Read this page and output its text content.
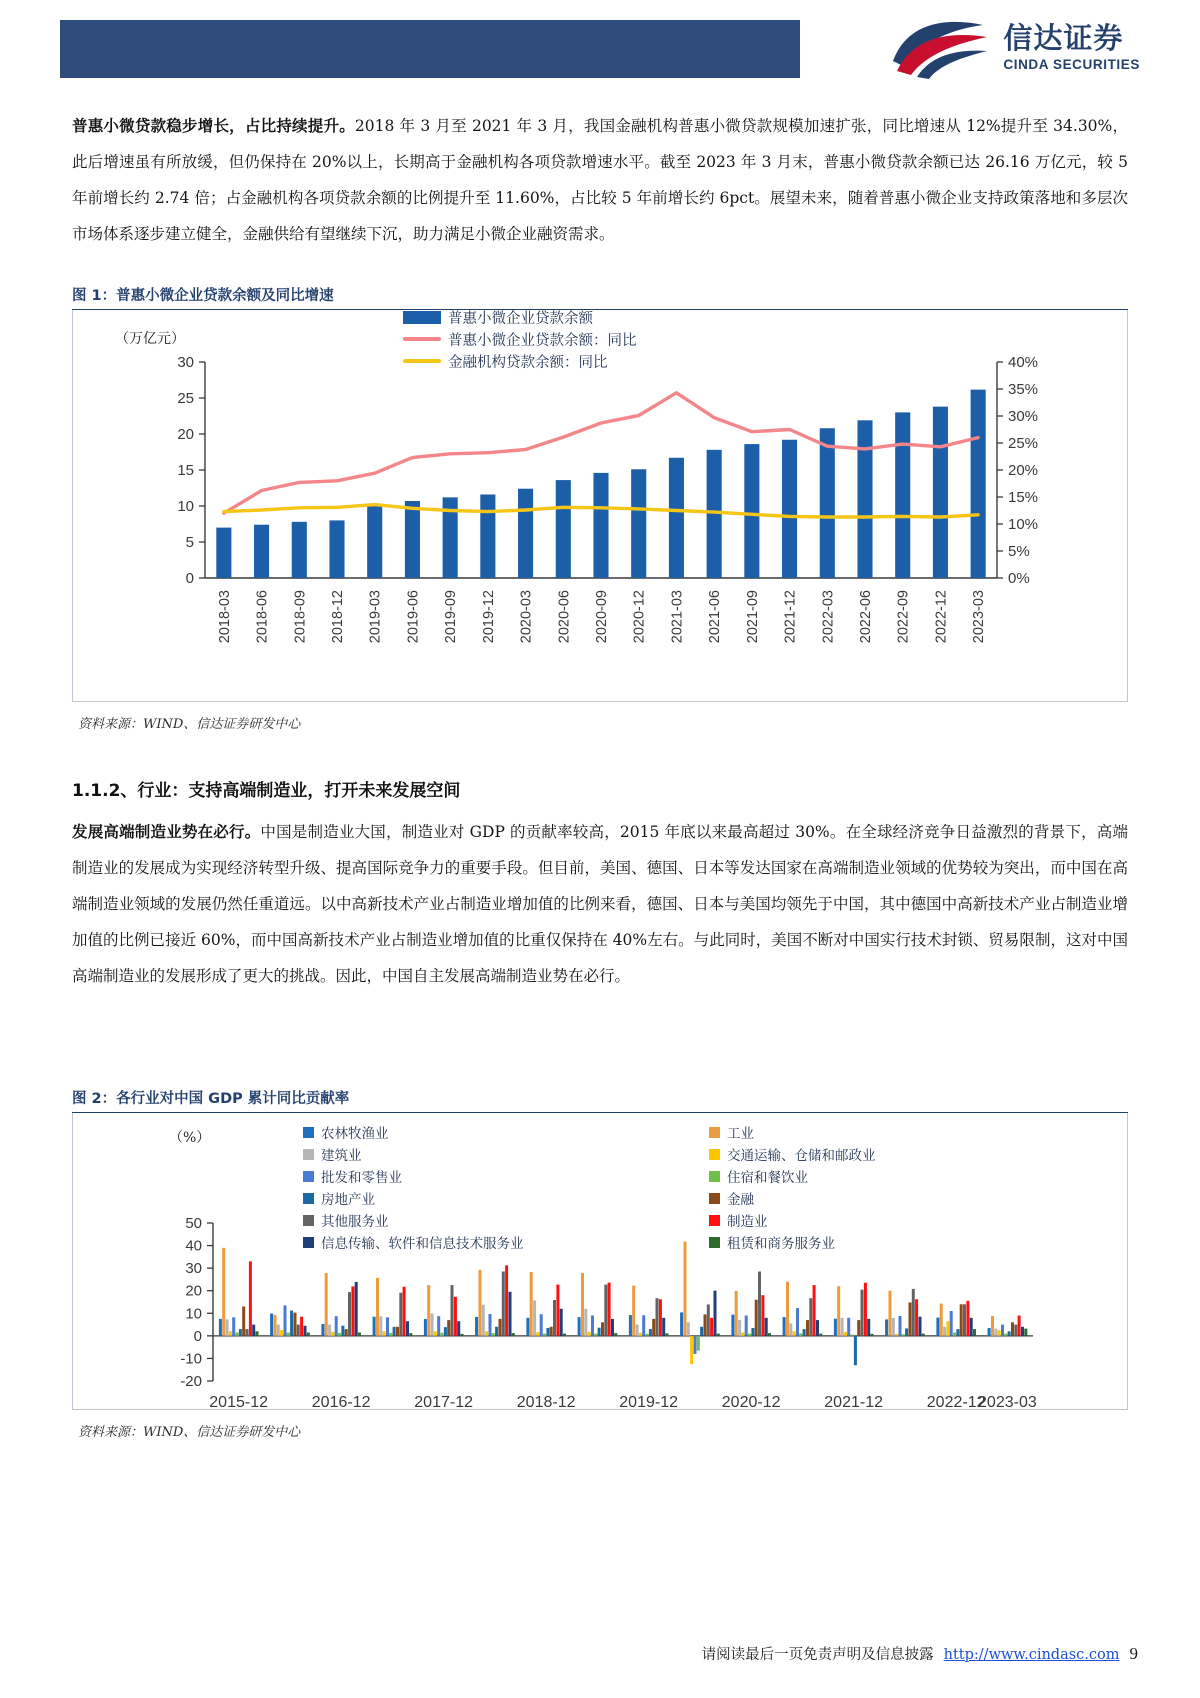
信达证券
CINDA SECURITIES
普惠小微贷款稳步增长，占比持续提升。2018 年 3 月至 2021 年 3 月，我国金融机构普惠小微贷款规模加速扩张，同比增速从 12%提升至 34.30%，此后增速虽有所放缓，但仍保持在 20%以上，长期高于金融机构各项贷款增速水平。截至 2023 年 3 月末，普惠小微贷款余额已达 26.16 万亿元，较 5 年前增长约 2.74 倍；占金融机构各项贷款余额的比例提升至 11.60%，占比较 5 年前增长约 6pct。展望未来，随着普惠小微企业支持政策落地和多层次市场体系逐步建立健全，金融供给有望继续下沉，助力满足小微企业融资需求。
图 1：普惠小微企业贷款余额及同比增速
普惠小微企业贷款余额
普惠小微企业贷款余额：同比
金融机构贷款余额：同比
（万亿元）
0
5
10
15
20
25
30
0%
5%
10%
15%
20%
25%
30%
35%
40%
2018-03 2018-06 2018-09 2018-12 2019-03 2019-06 2019-09 2019-12 2020-03 2020-06 2020-09 2020-12 2021-03 2021-06 2021-09 2021-12 2022-03 2022-06 2022-09 2022-12 2023-03
资料来源：WIND、信达证券研发中心
1.1.2、行业：支持高端制造业，打开未来发展空间
发展高端制造业势在必行。中国是制造业大国，制造业对 GDP 的贡献率较高，2015 年底以来最高超过 30%。在全球经济竞争日益激烈的背景下，高端制造业的发展成为实现经济转型升级、提高国际竞争力的重要手段。但目前，美国、德国、日本等发达国家在高端制造业领域的优势较为突出，而中国在高端制造业领域的发展仍然任重道远。以中高新技术产业占制造业增加值的比例来看，德国、日本与美国均领先于中国，其中德国中高新技术产业占制造业增加值的比例已接近 60%，而中国高新技术产业占制造业增加值的比重仅保持在 40%左右。与此同时，美国不断对中国实行技术封锁、贸易限制，这对中国高端制造业的发展形成了更大的挑战。因此，中国自主发展高端制造业势在必行。
图 2：各行业对中国 GDP 累计同比贡献率
农林牧渔业
建筑业
批发和零售业
房地产业
其他服务业
信息传输、软件和信息技术服务业
工业
交通运输、仓储和邮政业
住宿和餐饮业
金融
制造业
租赁和商务服务业
（%）
-20
-10
0
10
20
30
40
50
2015-12	2016-12	2017-12	2018-12	2019-12	2020-12	2021-12	2022-12
2023-03
资料来源：WIND、信达证券研发中心
请阅读最后一页免责声明及信息披露 http://www.cindasc.com 9
